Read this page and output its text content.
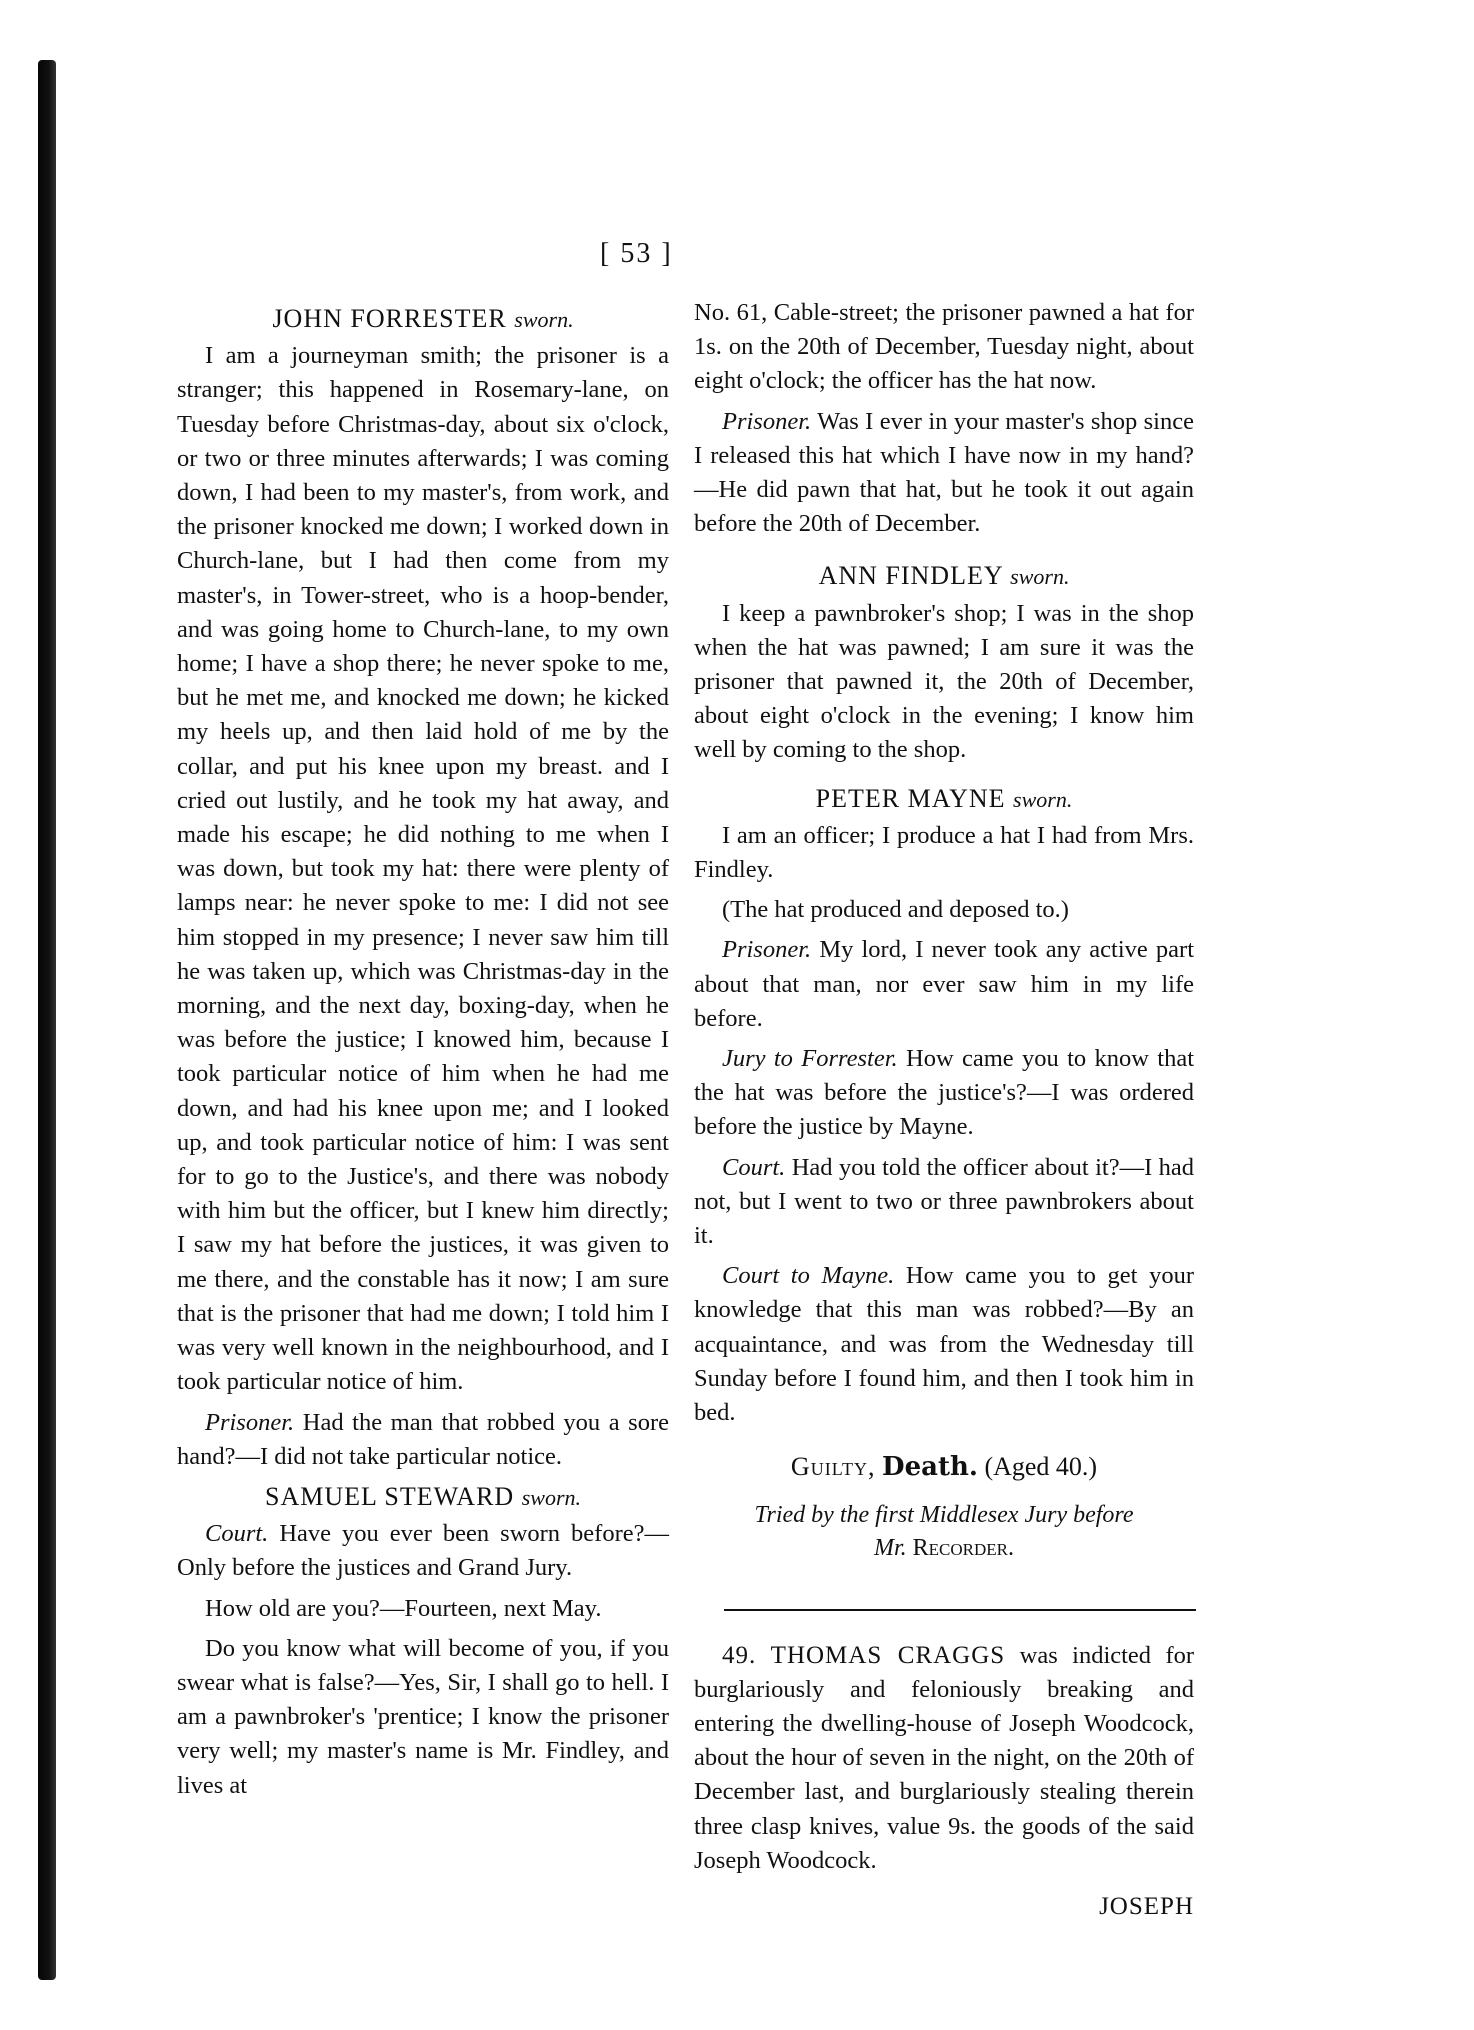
[ 53 ]
JOHN FORRESTER sworn.

I am a journeyman smith; the prisoner is a stranger; this happened in Rosemary-lane, on Tuesday before Christmas-day, about six o'clock, or two or three minutes afterwards; I was coming down, I had been to my master's, from work, and the prisoner knocked me down; I worked down in Church-lane, but I had then come from my master's, in Tower-street, who is a hoop-bender, and was going home to Church-lane, to my own home; I have a shop there; he never spoke to me, but he met me, and knocked me down; he kicked my heels up, and then laid hold of me by the collar, and put his knee upon my breast. and I cried out lustily, and he took my hat away, and made his escape; he did nothing to me when I was down, but took my hat: there were plenty of lamps near: he never spoke to me: I did not see him stopped in my presence; I never saw him till he was taken up, which was Christmas-day in the morning, and the next day, boxing-day, when he was before the justice; I knowed him, because I took particular notice of him when he had me down, and had his knee upon me; and I looked up, and took particular notice of him: I was sent for to go to the Justice's, and there was nobody with him but the officer, but I knew him directly; I saw my hat before the justices, it was given to me there, and the constable has it now; I am sure that is the prisoner that had me down; I told him I was very well known in the neighbourhood, and I took particular notice of him.

Prisoner. Had the man that robbed you a sore hand?—I did not take particular notice.

SAMUEL STEWARD sworn.

Court. Have you ever been sworn before?—Only before the justices and Grand Jury.

How old are you?—Fourteen, next May.

Do you know what will become of you, if you swear what is false?—Yes, Sir, I shall go to hell. I am a pawnbroker's 'prentice; I know the prisoner very well; my master's name is Mr. Findley, and lives at

No. 61, Cable-street; the prisoner pawned a hat for 1s. on the 20th of December, Tuesday night, about eight o'clock; the officer has the hat now.

Prisoner. Was I ever in your master's shop since I released this hat which I have now in my hand?—He did pawn that hat, but he took it out again before the 20th of December.

ANN FINDLEY sworn.

I keep a pawnbroker's shop; I was in the shop when the hat was pawned; I am sure it was the prisoner that pawned it, the 20th of December, about eight o'clock in the evening; I know him well by coming to the shop.

PETER MAYNE sworn.

I am an officer; I produce a hat I had from Mrs. Findley.

(The hat produced and deposed to.)

Prisoner. My lord, I never took any active part about that man, nor ever saw him in my life before.

Jury to Forrester. How came you to know that the hat was before the justice's?—I was ordered before the justice by Mayne.

Court. Had you told the officer about it?—I had not, but I went to two or three pawnbrokers about it.

Court to Mayne. How came you to get your knowledge that this man was robbed?—By an acquaintance, and was from the Wednesday till Sunday before I found him, and then I took him in bed.

Guilty, Death. (Aged 40.)
Tried by the first Middlesex Jury before
Mr. Recorder.

49. THOMAS CRAGGS was indicted for burglariously and feloniously breaking and entering the dwelling-house of Joseph Woodcock, about the hour of seven in the night, on the 20th of December last, and burglariously stealing therein three clasp knives, value 9s. the goods of the said Joseph Woodcock.

JOSEPH
